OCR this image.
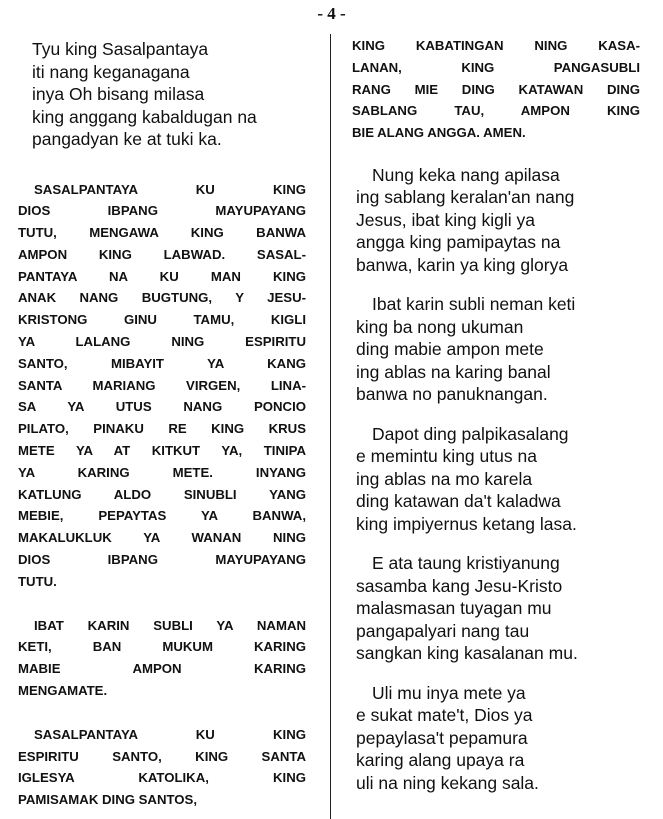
- 4 -

Tyu king Sasalpantaya
iti nang keganagana
inya Oh bisang milasa
king anggang kabaldugan na
pangadyan ke at tuki ka.

SASALPANTAYA KU KING
DIOS IBPANG MAYUPAYANG
TUTU, MENGAWA KING BANWA
AMPON KING LABWAD. SASAL-
PANTAYA NA KU MAN KING
ANAK NANG BUGTUNG, Y JESU-
KRISTONG GINU TAMU, KIGLI
YA LALANG NING ESPIRITU
SANTO, MIBAYIT YA KANG
SANTA MARIANG VIRGEN, LINA-
SA YA UTUS NANG PONCIO
PILATO, PINAKU RE KING KRUS
METE YA AT KITKUT YA, TINIPA
YA KARING METE. INYANG
KATLUNG ALDO SINUBLI YANG
MEBIE, PEPAYTAS YA BANWA,
MAKALUKLUK YA WANAN NING
DIOS IBPANG MAYUPAYANG
TUTU.

IBAT KARIN SUBLI YA NAMAN
KETI, BAN MUKUM KARING
MABIE AMPON KARING
MENGAMATE.

SASALPANTAYA KU KING
ESPIRITU SANTO, KING SANTA
IGLESYA KATOLIKA, KING
PAMISAMAK DING SANTOS,

KING KABATINGAN NING KASA-
LANAN, KING PANGASUBLI
RANG MIE DING KATAWAN DING
SABLANG TAU, AMPON KING
BIE ALANG ANGGA. AMEN.

Nung keka nang apilasa
ing sablang keralan'an nang
Jesus, ibat king kigli ya
angga king pamipaytas na
banwa, karin ya king glorya

Ibat karin subli neman keti
king ba nong ukuman
ding mabie ampon mete
ing ablas na karing banal
banwa no panuknangan.

Dapot ding palpikasalang
e memintu king utus na
ing ablas na mo karela
ding katawan da't kaladwa
king impiyernus ketang lasa.

E ata taung kristiyanung
sasamba kang Jesu-Kristo
malasmasan tuyagan mu
pangapalyari nang tau
sangkan king kasalanan mu.

Uli mu inya mete ya
e sukat mate't, Dios ya
pepaylasa't pepamura
karing alang upaya ra
uli na ning kekang sala.
